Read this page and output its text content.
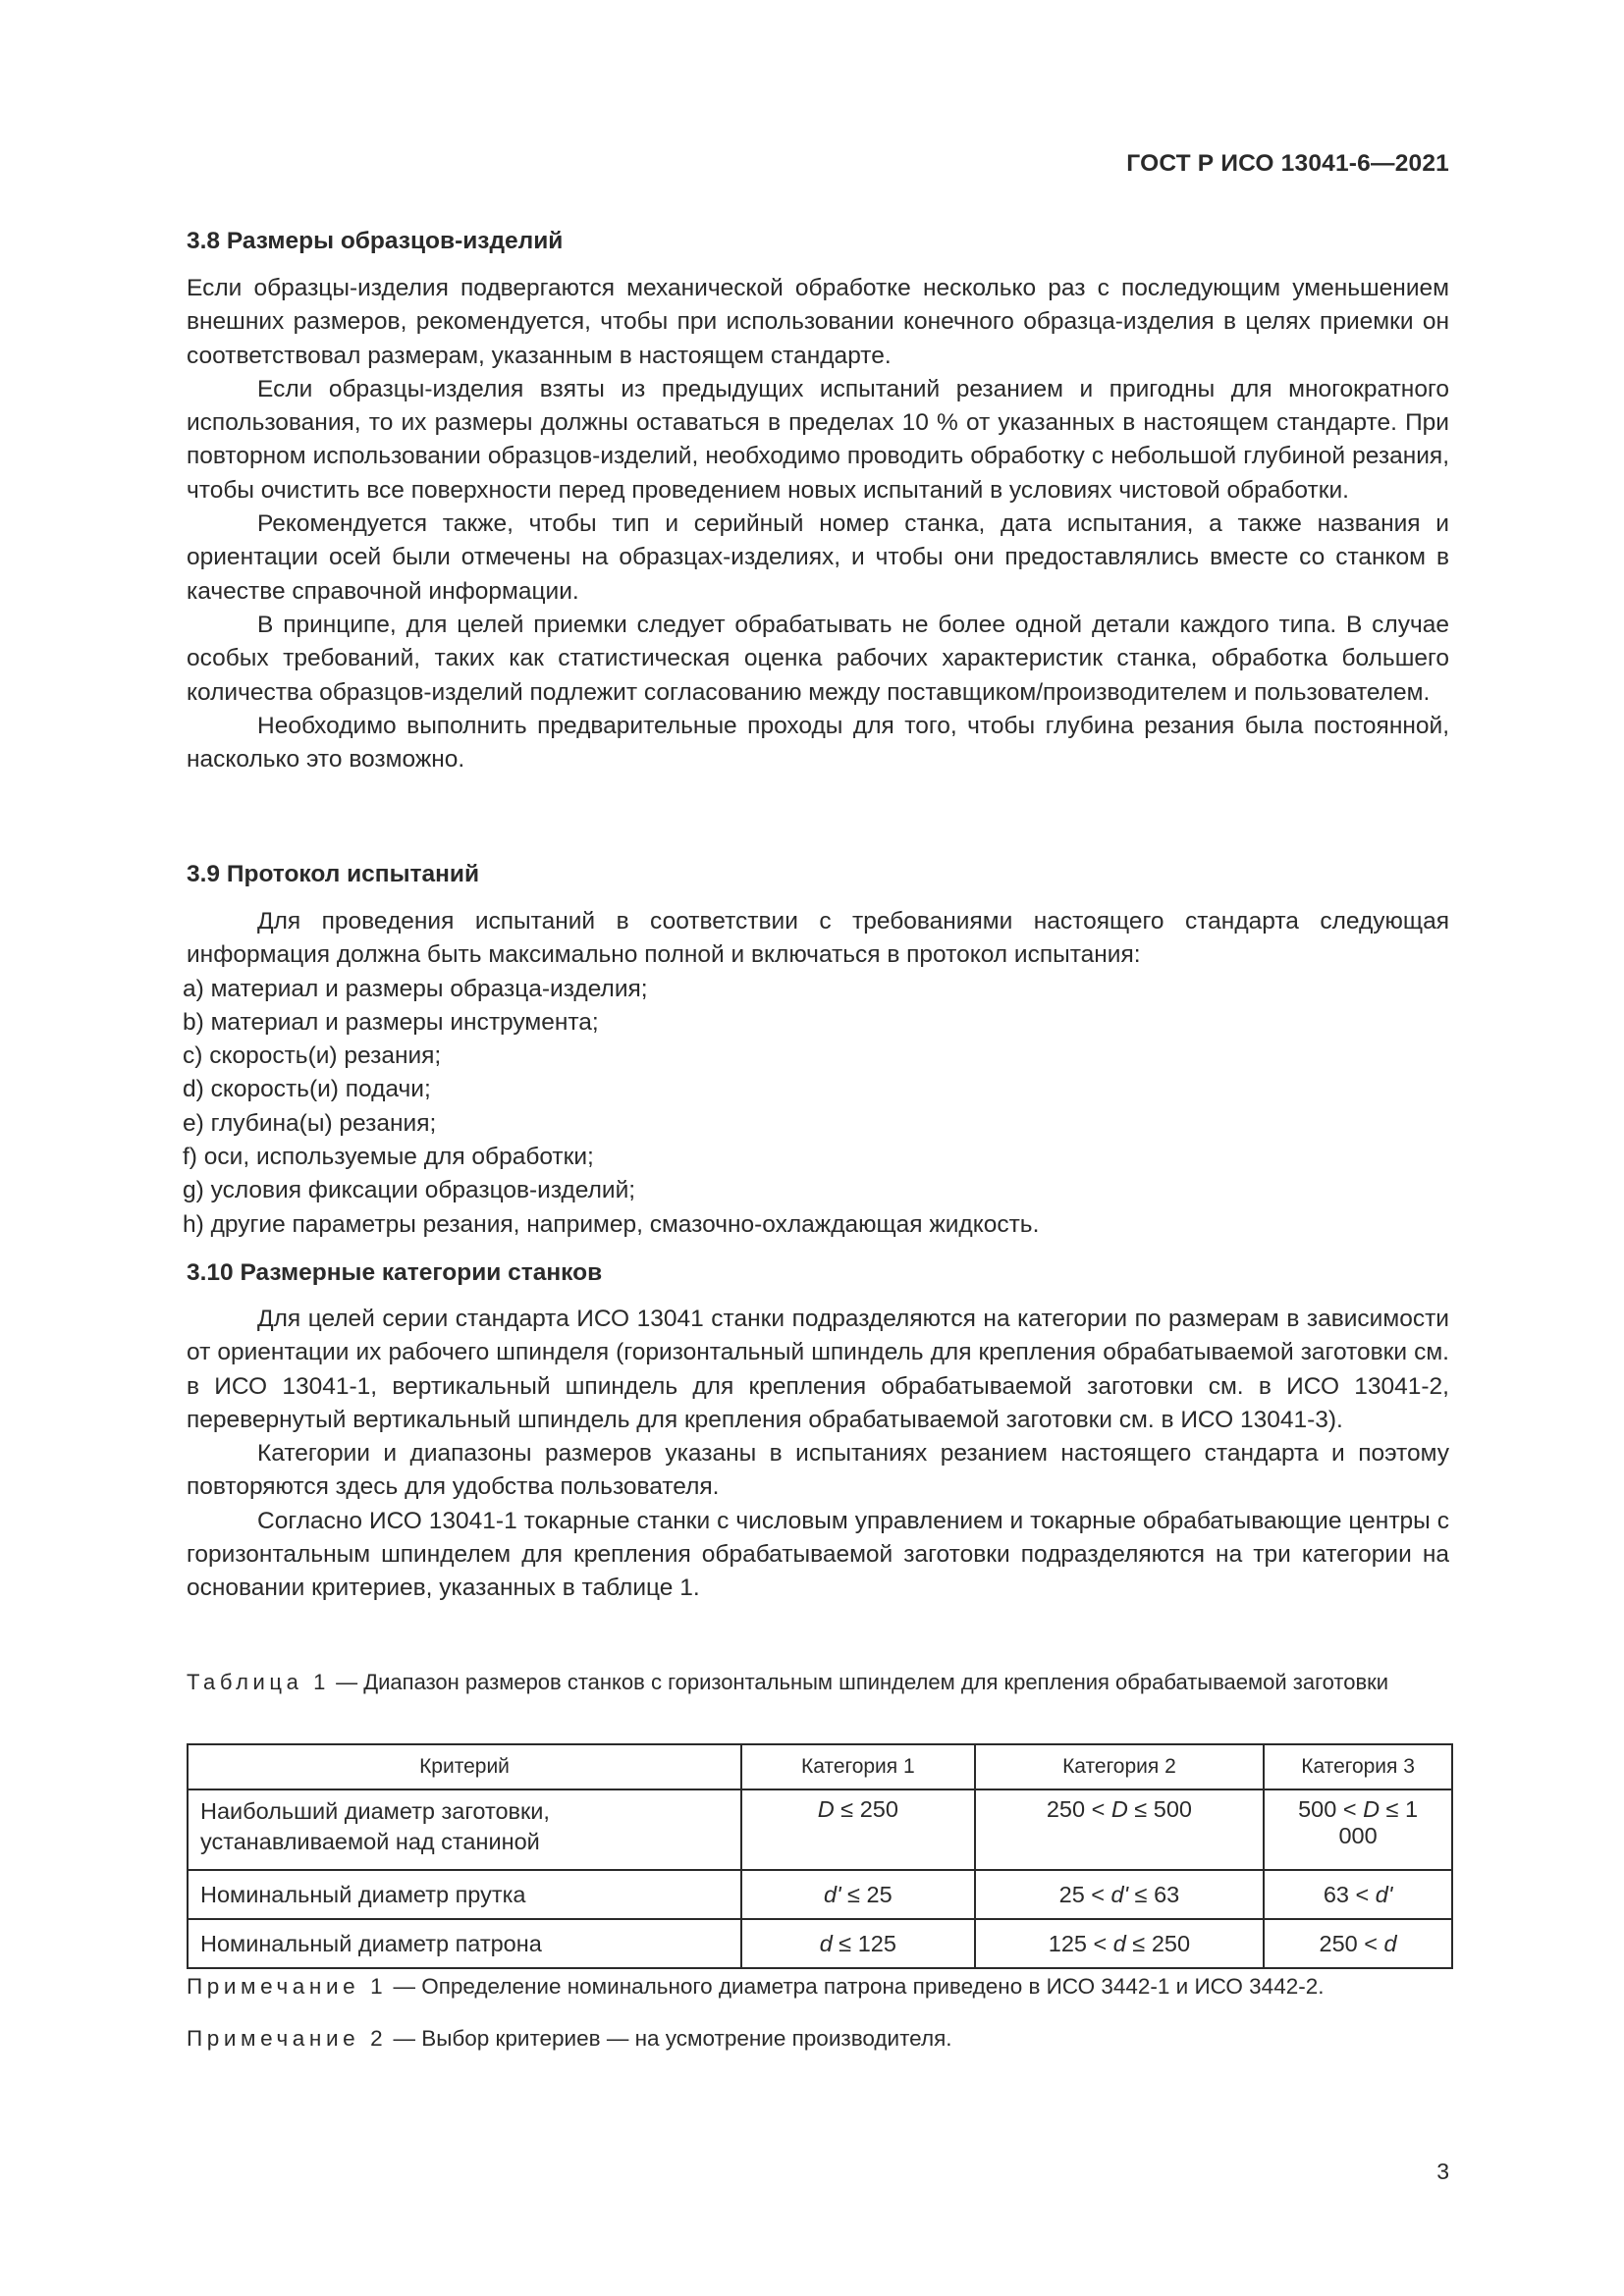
ГОСТ Р ИСО 13041-6—2021
3.8 Размеры образцов-изделий

Если образцы-изделия подвергаются механической обработке несколько раз с последующим уменьшением внешних размеров, рекомендуется, чтобы при использовании конечного образца-изделия в целях приемки он соответствовал размерам, указанным в настоящем стандарте.

Если образцы-изделия взяты из предыдущих испытаний резанием и пригодны для многократного использования, то их размеры должны оставаться в пределах 10 % от указанных в настоящем стандарте. При повторном использовании образцов-изделий, необходимо проводить обработку с небольшой глубиной резания, чтобы очистить все поверхности перед проведением новых испытаний в условиях чистовой обработки.

Рекомендуется также, чтобы тип и серийный номер станка, дата испытания, а также названия и ориентации осей были отмечены на образцах-изделиях, и чтобы они предоставлялись вместе со станком в качестве справочной информации.

В принципе, для целей приемки следует обрабатывать не более одной детали каждого типа. В случае особых требований, таких как статистическая оценка рабочих характеристик станка, обработка большего количества образцов-изделий подлежит согласованию между поставщиком/производителем и пользователем.

Необходимо выполнить предварительные проходы для того, чтобы глубина резания была постоянной, насколько это возможно.

3.9 Протокол испытаний

Для проведения испытаний в соответствии с требованиями настоящего стандарта следующая информация должна быть максимально полной и включаться в протокол испытания:

a) материал и размеры образца-изделия;

b) материал и размеры инструмента;

c) скорость(и) резания;

d) скорость(и) подачи;

e) глубина(ы) резания;

f) оси, используемые для обработки;

g) условия фиксации образцов-изделий;

h) другие параметры резания, например, смазочно-охлаждающая жидкость.

3.10 Размерные категории станков

Для целей серии стандарта ИСО 13041 станки подразделяются на категории по размерам в зависимости от ориентации их рабочего шпинделя (горизонтальный шпиндель для крепления обрабатываемой заготовки см. в ИСО 13041-1, вертикальный шпиндель для крепления обрабатываемой заготовки см. в ИСО 13041-2, перевернутый вертикальный шпиндель для крепления обрабатываемой заготовки см. в ИСО 13041-3).

Категории и диапазоны размеров указаны в испытаниях резанием настоящего стандарта и поэтому повторяются здесь для удобства пользователя.

Согласно ИСО 13041-1 токарные станки с числовым управлением и токарные обрабатывающие центры с горизонтальным шпинделем для крепления обрабатываемой заготовки подразделяются на три категории на основании критериев, указанных в таблице 1.

Таблица 1 — Диапазон размеров станков с горизонтальным шпинделем для крепления обрабатываемой заготовки
Критерий	Категория 1	Категория 2	Категория 3
Наибольший диаметр заготовки, устанавливаемой над станиной	D ≤ 250	250 < D ≤ 500	500 < D ≤ 1 000
Номинальный диаметр прутка	d' ≤ 25	25 < d' ≤ 63	63 < d'
Номинальный диаметр патрона	d ≤ 125	125 < d ≤ 250	250 < d
Примечание 1 — Определение номинального диаметра патрона приведено в ИСО 3442-1 и ИСО 3442-2.
Примечание 2 — Выбор критериев — на усмотрение производителя.
3
